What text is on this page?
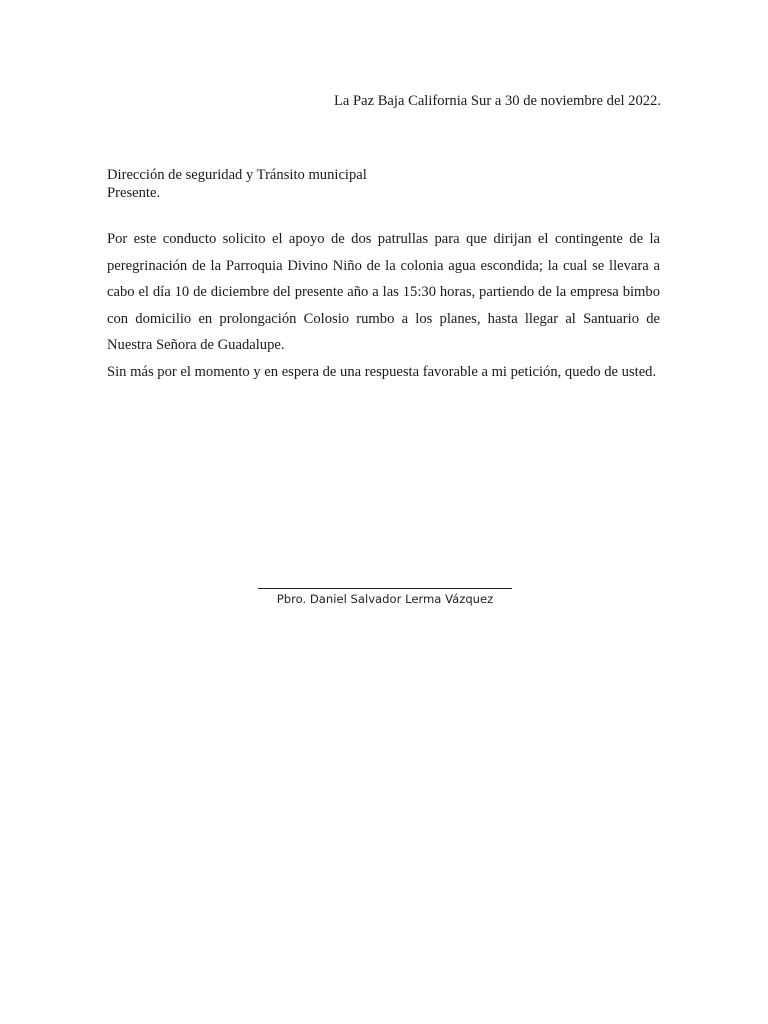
La Paz Baja California Sur a 30 de noviembre del 2022.
Dirección de seguridad y Tránsito municipal
Presente.

Por este conducto solicito el apoyo de dos patrullas para que dirijan el contingente de la peregrinación de la Parroquia Divino Niño de la colonia agua escondida; la cual se llevara a cabo el día 10 de diciembre del presente año a las 15:30 horas, partiendo de la empresa bimbo con domicilio en prolongación Colosio rumbo a los planes, hasta llegar al Santuario de Nuestra Señora de Guadalupe.

Sin más por el momento y en espera de una respuesta favorable a mi petición, quedo de usted.

Pbro. Daniel Salvador Lerma Vázquez
